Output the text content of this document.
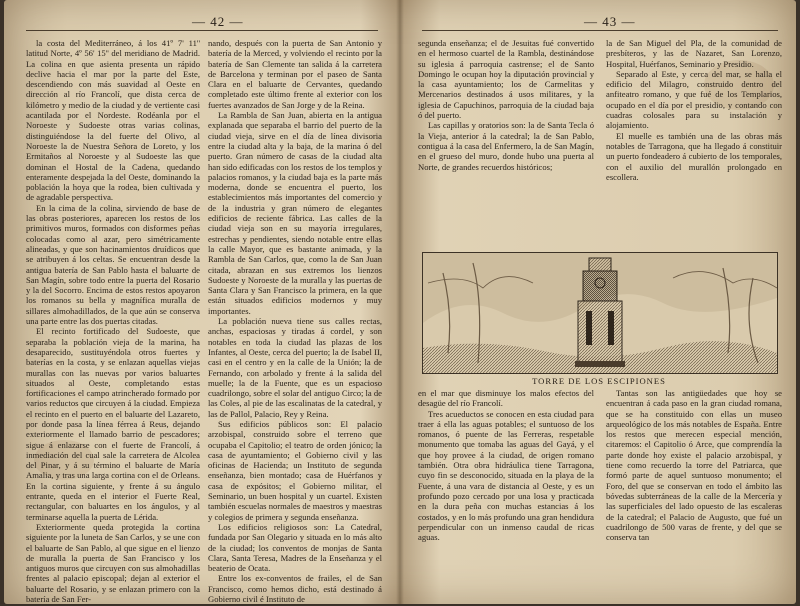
— 42 —

la costa del Mediterráneo, á los 41º 7' 11'' latitud Norte, 4º 56' 15'' del meridiano de Madrid. La colina en que asienta presenta un rápido declive hacia el mar por la parte del Este, descendiendo con más suavidad al Oeste en dirección al río Francolí, que dista cerca de kilómetro y medio de la ciudad y de vertiente casi acantilada por el Nordeste. Rodéanla por el Noroeste y Sudoeste otras varias colinas, distinguiéndose la del fuerte del Olivo, al Noroeste la de Nuestra Señora de Loreto, y los Ermitaños al Noroeste y al Sudoeste las que dominan el Hostal de la Cadena, quedando enteramente despejada la del Oeste, dominando la población la hoya que la rodea, bien cultivada y de agradable perspectiva.

En la cima de la colina, sirviendo de base de las obras posteriores, aparecen los restos de los primitivos muros, formados con disformes peñas colocadas como al azar, pero simétricamente alineadas, y que son hacinamientos druídicos que se atribuyen á los celtas. Se encuentran desde la antigua batería de San Pablo hasta el baluarte de San Magín, sobre todo entre la puerta del Rosario y la del Socorro. Encima de estos restos apoyaron los romanos su bella y magnífica muralla de sillares almohadillados, de la que aún se conserva una parte entre las dos puertas citadas.

El recinto fortificado del Sudoeste, que separaba la población vieja de la marina, ha desaparecido, sustituyéndola otros fuertes y baterías en la costa, y se enlazan aquellas viejas murallas con las nuevas por varios baluartes situados al Oeste, completando estas fortificaciones el campo atrincherado formado por varios reductos que circuyen á la ciudad. Empieza el recinto en el puerto en el baluarte del Lazareto, por donde pasa la línea férrea á Reus, dejando exteriormente el llamado barrio de pescadores; sigue á enlazarse con el fuerte de Francolí, á inmediación del cual sale la carretera de Alcolea del Pinar, y á su término el baluarte de María Amalia, y tras una larga cortina con el de Orleans. En la cortina siguiente, y frente á su ángulo entrante, queda en el interior el Fuerte Real, rectangular, con baluartes en los ángulos, y al terminarse aquella la puerta de Lérida.

Exteriormente queda protegida la cortina siguiente por la luneta de San Carlos, y se une con el baluarte de San Pablo, al que sigue en el lienzo de muralla la puerta de San Francisco y los antiguos muros que circuyen con sus almohadillas frentes al palacio episcopal; dejan al exterior el baluarte del Rosario, y se enlazan primero con la batería de San Fer-

nando, después con la puerta de San Antonio y batería de la Merced, y volviendo el recinto por la batería de San Clemente tan salida á la carretera de Barcelona y terminan por el paseo de Santa Clara en el baluarte de Cervantes, quedando completado este último frente al exterior con los fuertes avanzados de San Jorge y de la Reina.

La Rambla de San Juan, abierta en la antigua explanada que separaba el barrio del puerto de la ciudad vieja, sirve en el día de línea divisoria entre la ciudad alta y la baja, de la marina ó del puerto. Gran número de casas de la ciudad alta han sido edificadas con los restos de los templos y palacios romanos, y la ciudad baja es la parte más moderna, donde se encuentra el puerto, los establecimientos más importantes del comercio y de la industria y gran número de elegantes edificios de reciente fábrica. Las calles de la ciudad vieja son en su mayoría irregulares, estrechas y pendientes, siendo notable entre ellas la calle Mayor, que es bastante animada, y la Rambla de San Carlos, que, como la de San Juan citada, abrazan en sus extremos los lienzos Sudoeste y Noroeste de la muralla y las puertas de Santa Clara y San Francisco la primera, en la que están situados edificios modernos y muy importantes.

La población nueva tiene sus calles rectas, anchas, espaciosas y tiradas á cordel, y son notables en toda la ciudad las plazas de los Infantes, al Oeste, cerca del puerto; la de Isabel II, casi en el centro y en la calle de la Unión; la de Fernando, con arbolado y frente á la salida del muelle; la de la Fuente, que es un espacioso cuadrilongo, sobre el solar del antiguo Circo; la de las Coles, al pie de las escalinatas de la catedral, y las de Pallol, Palacio, Rey y Reina.

Sus edificios públicos son: El palacio arzobispal, construido sobre el terreno que ocupaba el Capitolio; el teatro de orden jónico; la casa de ayuntamiento; el Gobierno civil y las oficinas de Hacienda; un Instituto de segunda enseñanza, bien montado; casa de Huérfanos y casa de expósitos; el Gobierno militar, el Seminario, un buen hospital y un cuartel. Existen también escuelas normales de maestros y maestras y colegios de primera y segunda enseñanza.

Los edificios religiosos son: La Catedral, fundada por San Olegario y situada en lo más alto de la ciudad; los conventos de monjas de Santa Clara, Santa Teresa, Madres de la Enseñanza y el beaterio de Ocata.

Entre los ex-conventos de frailes, el de San Francisco, como hemos dicho, está destinado á Gobierno civil é Instituto de

— 43 —

segunda enseñanza; el de Jesuitas fué convertido en el hermoso cuartel de la Rambla, destinándose su iglesia á parroquia castrense; el de Santo Domingo le ocupan hoy la diputación provincial y la casa ayuntamiento; los de Carmelitas y Mercenarios destinados á usos militares, y la iglesia de Capuchinos, parroquia de la ciudad baja ó del puerto.

Las capillas y oratorios son: la de Santa Tecla ó la Vieja, anterior á la catedral; la de San Pablo, contigua á la casa del Enfermero, la de San Magín, en el grueso del muro, donde hubo una puerta al Norte, de grandes recuerdos históricos;

la de San Miguel del Pla, de la comunidad de presbíteros, y las de Nazaret, San Lorenzo, Hospital, Huérfanos, Seminario y Presidio.

Separado al Este, y cerca del mar, se halla el edificio del Milagro, construido dentro del anfiteatro romano, y que fué de los Templarios, ocupado en el día por el presidio, y contando con cuadras colosales para su instalación y alojamiento.

El muelle es también una de las obras más notables de Tarragona, que ha llegado á constituir un puerto fondeadero á cubierto de los temporales, con el auxilio del murallón prolongado en escollera.

TORRE DE LOS ESCIPIONES

en el mar que disminuye los malos efectos del desagüe del río Francolí.

Tres acueductos se conocen en esta ciudad para traer á ella las aguas potables; el suntuoso de los romanos, ó puente de las Ferreras, respetable monumento que tomaba las aguas del Gayá, y el que hoy provee á la ciudad, de origen romano también. Otra obra hidráulica tiene Tarragona, cuyo fin se desconocido, situada en la playa de la Fuente, á una vara de distancia al Oeste, y es un profundo pozo cercado por una losa y practicada en la dura peña con muchas estancias á los costados, y en lo más profundo una gran hendidura perpendicular con un inmenso caudal de ricas aguas.

Tantas son las antigüedades que hoy se encuentran á cada paso en la gran ciudad romana, que se ha constituido con ellas un museo arqueológico de los más notables de España. Entre los restos que merecen especial mención, citaremos: el Capitolio ó Arce, que comprendía la parte donde hoy existe el palacio arzobispal, y tiene como recuerdo la torre del Patriarca, que formó parte de aquel suntuoso monumento; el Foro, del que se conservan en todo el ámbito las bóvedas subterráneas de la calle de la Mercería y las superficiales del lado opuesto de las escaleras de la catedral; el Palacio de Augusto, que fué un cuadrilongo de 500 varas de frente, y del que se conserva tan
